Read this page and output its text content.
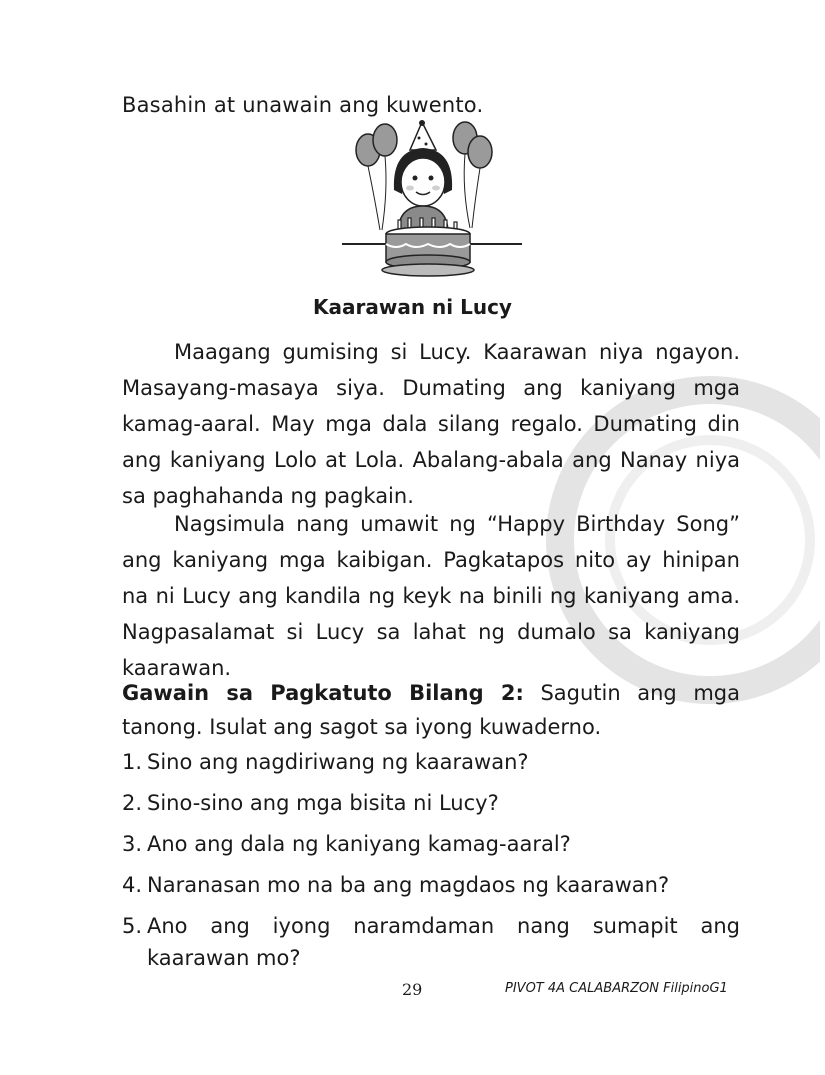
Basahin at unawain ang kuwento.
Kaarawan ni Lucy

Maagang gumising si Lucy. Kaarawan niya ngayon. Masayang-masaya siya. Dumating ang kaniyang mga kamag-aaral. May mga dala silang regalo. Dumating din ang kaniyang Lolo at Lola. Abalang-abala ang Nanay niya sa paghahanda ng pagkain.

Nagsimula nang umawit ng “Happy Birthday Song” ang kaniyang mga kaibigan. Pagkatapos nito ay hinipan na ni Lucy ang kandila ng keyk na binili ng kaniyang ama. Nagpasalamat si Lucy sa lahat ng dumalo sa kaniyang kaarawan.

Gawain sa Pagkatuto Bilang 2: Sagutin ang mga tanong. Isulat ang sagot sa iyong kuwaderno.

1. Sino ang nagdiriwang ng kaarawan?
2. Sino-sino ang mga bisita ni Lucy?
3. Ano ang dala ng kaniyang kamag-aaral?
4. Naranasan mo na ba ang magdaos ng kaarawan?
5. Ano ang iyong naramdaman nang sumapit ang kaarawan mo?
29	PIVOT 4A CALABARZON FilipinoG1
